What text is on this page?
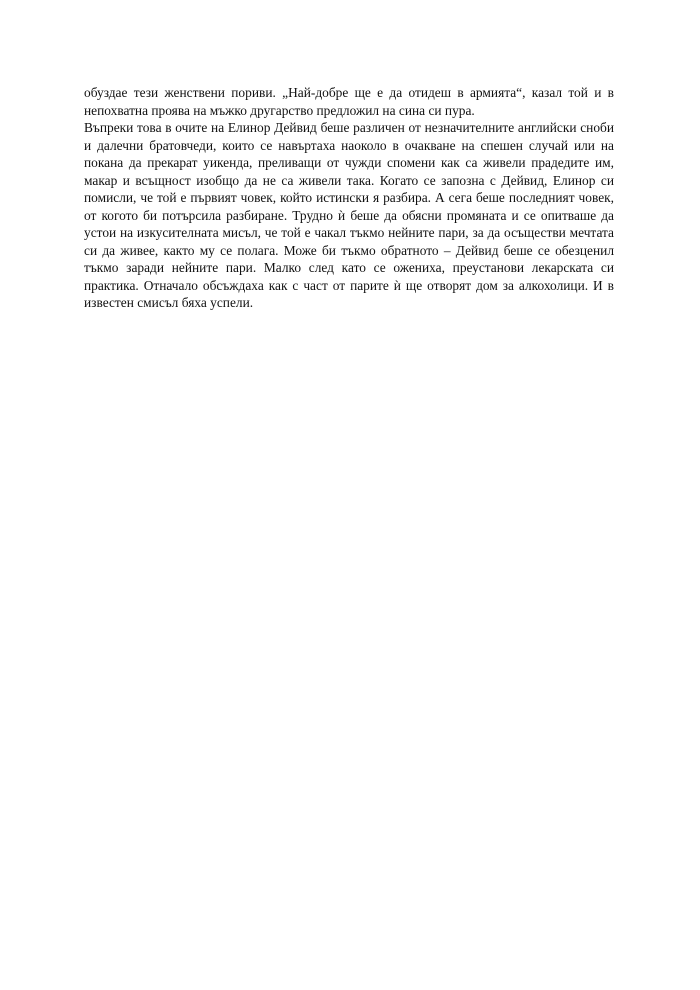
обуздае тези женствени пориви. „Най-добре ще е да отидеш в армията“, казал той и в непохватна проява на мъжко другарство предложил на сина си пура.

Въпреки това в очите на Елинор Дейвид беше различен от незначителните английски сноби и далечни братовчеди, които се навъртаха наоколо в очакване на спешен случай или на покана да прекарат уикенда, преливащи от чужди спомени как са живели прадедите им, макар и всъщност изобщо да не са живели така. Когато се запозна с Дейвид, Елинор си помисли, че той е първият човек, който истински я разбира. А сега беше последният човек, от когото би потърсила разбиране. Трудно ѝ беше да обясни промяната и се опитваше да устои на изкусителната мисъл, че той е чакал тъкмо нейните пари, за да осъществи мечтата си да живее, както му се полага. Може би тъкмо обратното – Дейвид беше се обезценил тъкмо заради нейните пари. Малко след като се ожениха, преустанови лекарската си практика. Отначало обсъждаха как с част от парите ѝ ще отворят дом за алкохолици. И в известен смисъл бяха успели.
